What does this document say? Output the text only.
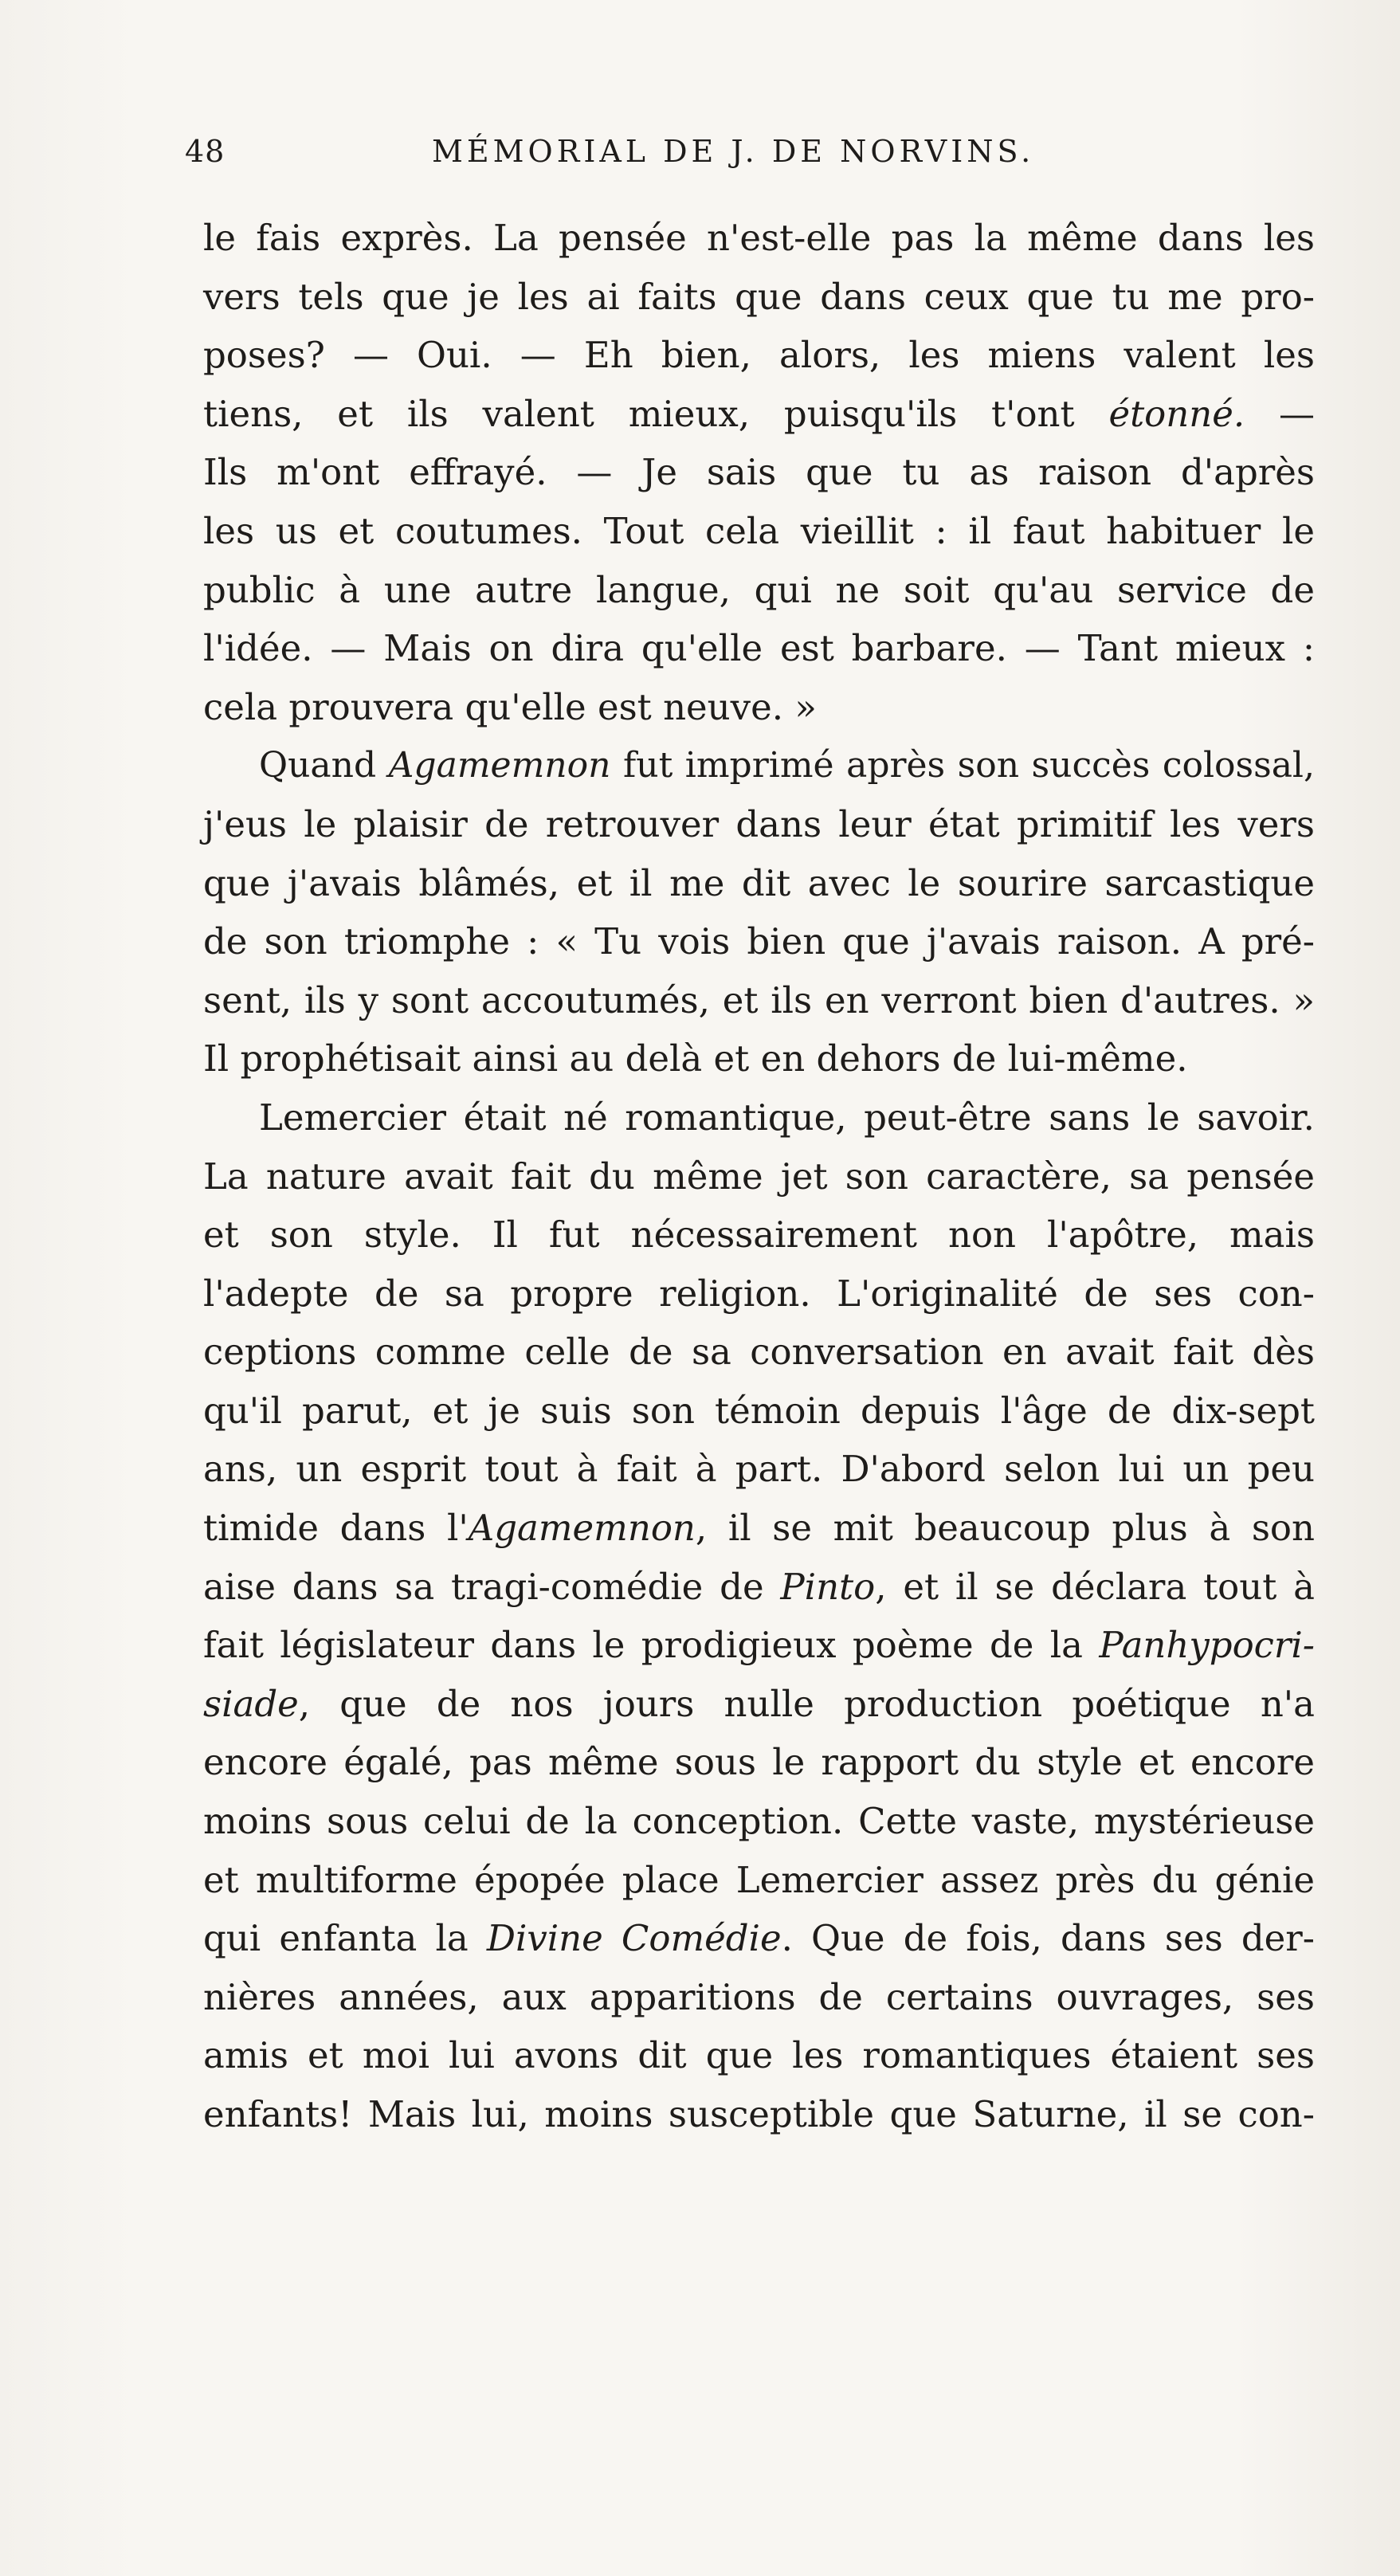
48	MÉMORIAL DE J. DE NORVINS.
le fais exprès. La pensée n'est-elle pas la même dans les
vers tels que je les ai faits que dans ceux que tu me pro-
poses? — Oui. — Eh bien, alors, les miens valent les
tiens, et ils valent mieux, puisqu'ils t'ont étonné. —
Ils m'ont effrayé. — Je sais que tu as raison d'après
les us et coutumes. Tout cela vieillit : il faut habituer le
public à une autre langue, qui ne soit qu'au service de
l'idée. — Mais on dira qu'elle est barbare. — Tant mieux :
cela prouvera qu'elle est neuve. »
Quand Agamemnon fut imprimé après son succès colossal,
j'eus le plaisir de retrouver dans leur état primitif les vers
que j'avais blâmés, et il me dit avec le sourire sarcastique
de son triomphe : « Tu vois bien que j'avais raison. A pré-
sent, ils y sont accoutumés, et ils en verront bien d'autres. »
Il prophétisait ainsi au delà et en dehors de lui-même.
Lemercier était né romantique, peut-être sans le savoir.
La nature avait fait du même jet son caractère, sa pensée
et son style. Il fut nécessairement non l'apôtre, mais
l'adepte de sa propre religion. L'originalité de ses con-
ceptions comme celle de sa conversation en avait fait dès
qu'il parut, et je suis son témoin depuis l'âge de dix-sept
ans, un esprit tout à fait à part. D'abord selon lui un peu
timide dans l'Agamemnon, il se mit beaucoup plus à son
aise dans sa tragi-comédie de Pinto, et il se déclara tout à
fait législateur dans le prodigieux poème de la Panhypocri-
siade, que de nos jours nulle production poétique n'a
encore égalé, pas même sous le rapport du style et encore
moins sous celui de la conception. Cette vaste, mystérieuse
et multiforme épopée place Lemercier assez près du génie
qui enfanta la Divine Comédie. Que de fois, dans ses der-
nières années, aux apparitions de certains ouvrages, ses
amis et moi lui avons dit que les romantiques étaient ses
enfants! Mais lui, moins susceptible que Saturne, il se con-
